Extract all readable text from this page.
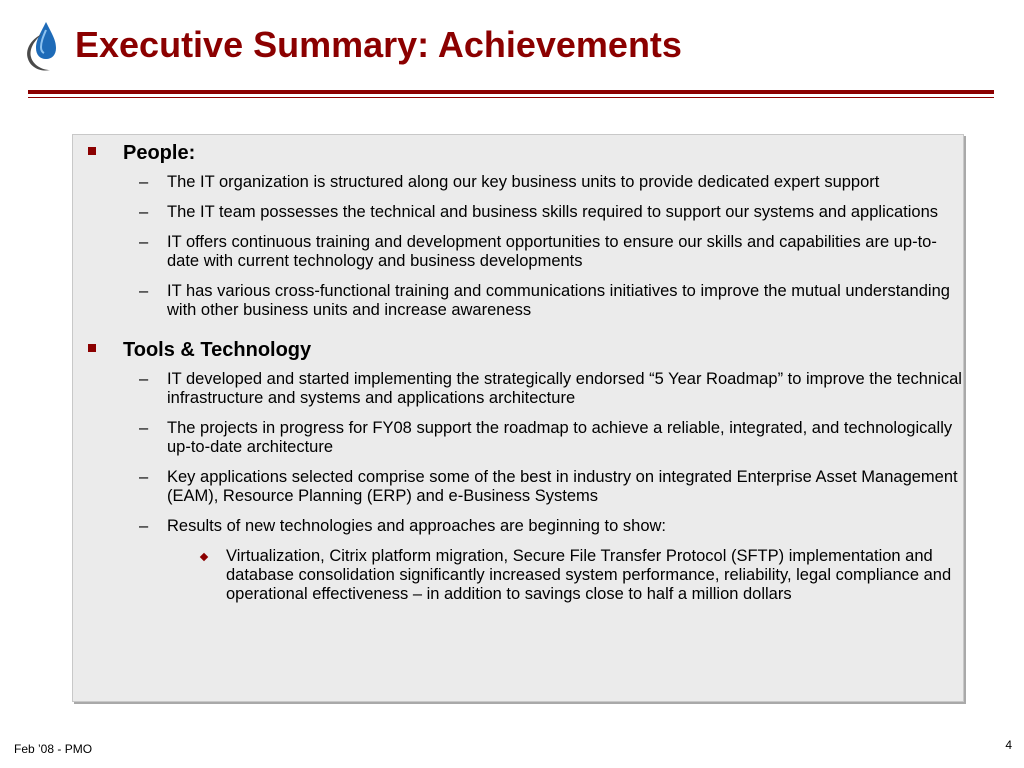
Executive Summary: Achievements
People:
– The IT organization is structured along our key business units to provide dedicated expert support
– The IT team possesses the technical and business skills required to support our systems and applications
– IT offers continuous training and development opportunities to ensure our skills and capabilities are up-to-date with current technology and business developments
– IT has various cross-functional training and communications initiatives to improve the mutual understanding with other business units and increase awareness
Tools & Technology
– IT developed and started implementing the strategically endorsed “5 Year Roadmap” to improve the technical infrastructure and systems and applications architecture
– The projects in progress for FY08 support the roadmap to achieve a reliable, integrated, and technologically up-to-date architecture
– Key applications selected comprise some of the best in industry on integrated Enterprise Asset Management (EAM), Resource Planning (ERP) and e-Business Systems
– Results of new technologies and approaches are beginning to show:
Virtualization, Citrix platform migration, Secure File Transfer Protocol (SFTP) implementation and database consolidation significantly increased system performance, reliability, legal compliance and operational effectiveness – in addition to savings close to half a million dollars
Feb ’08 - PMO	4
